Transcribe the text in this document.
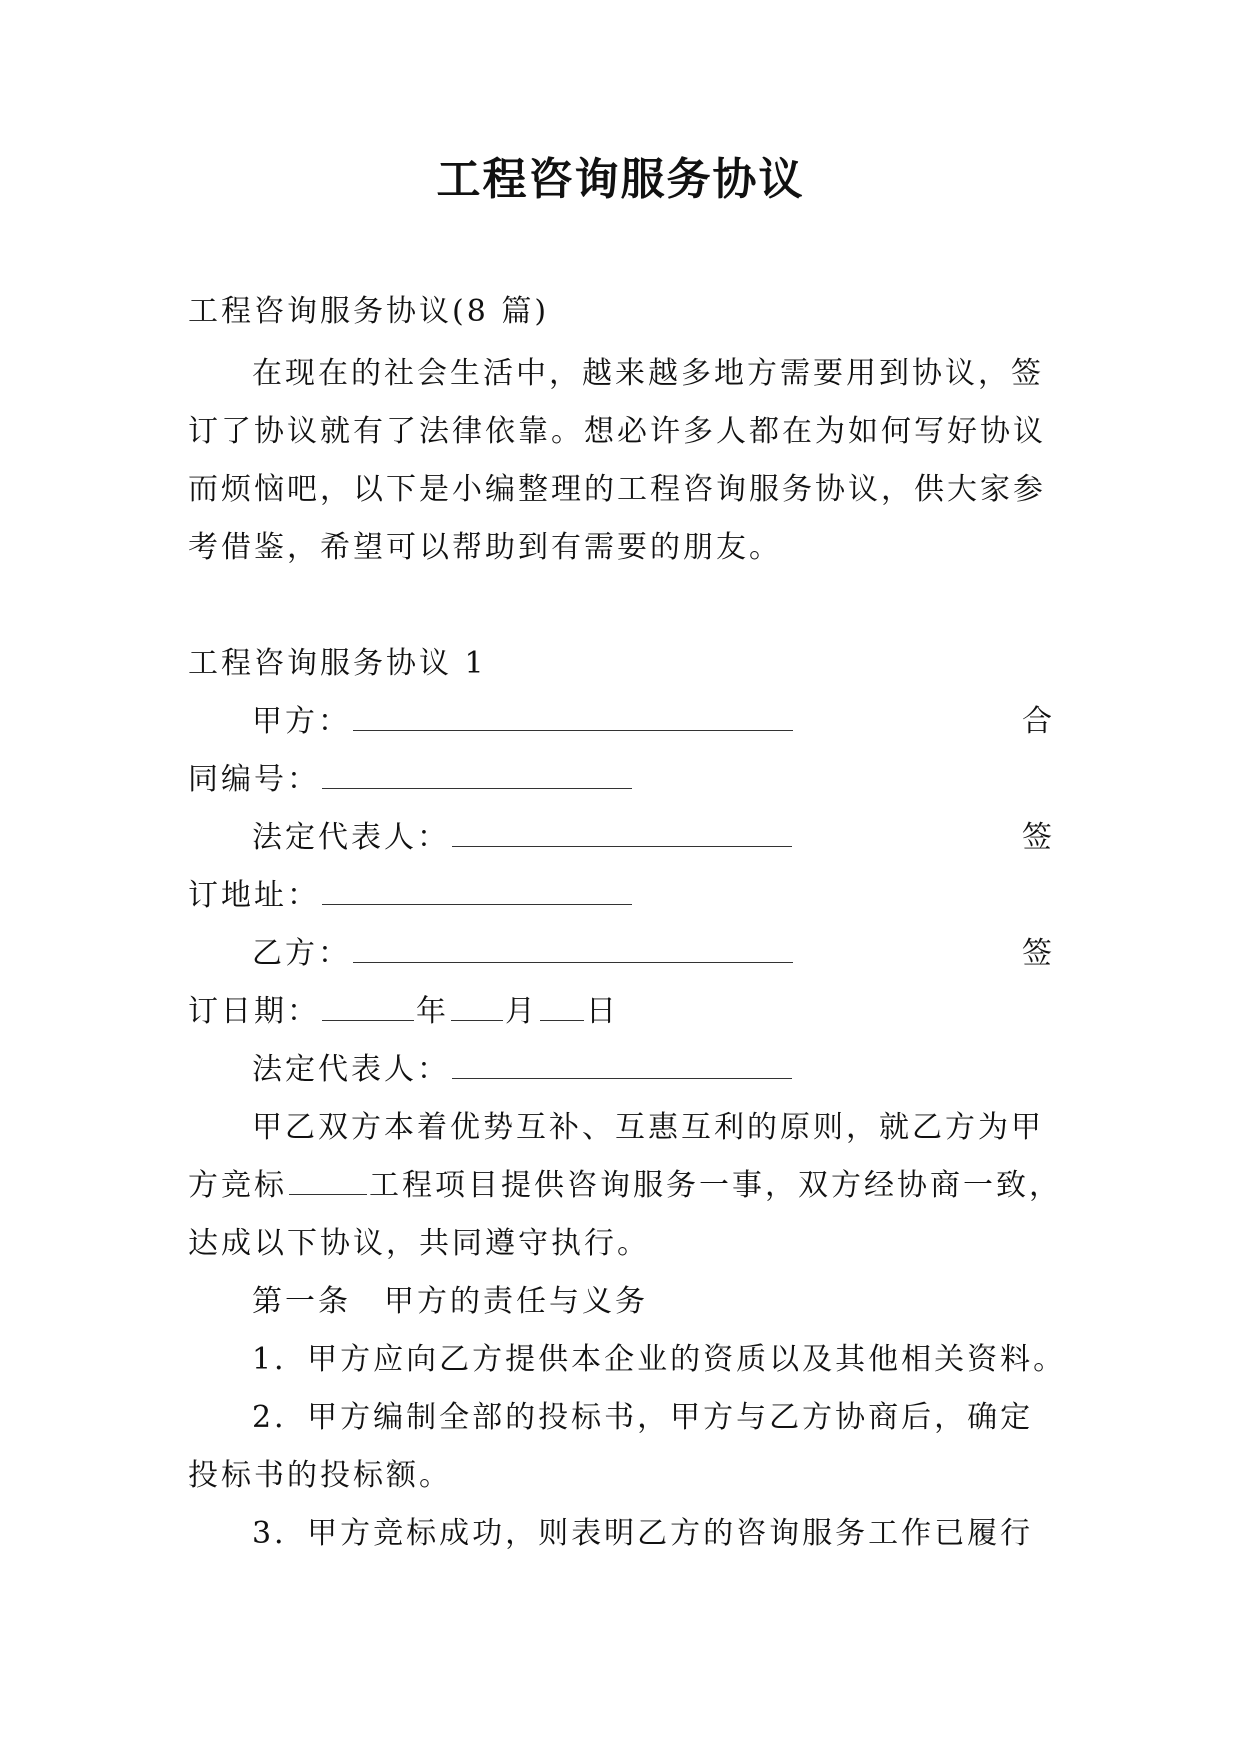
工程咨询服务协议
工程咨询服务协议(8 篇)
在现在的社会生活中，越来越多地方需要用到协议，签
订了协议就有了法律依靠。想必许多人都在为如何写好协议
而烦恼吧，以下是小编整理的工程咨询服务协议，供大家参
考借鉴，希望可以帮助到有需要的朋友。
工程咨询服务协议 1
甲方：	合
同编号：
法定代表人：	签
订地址：
乙方：	签
订日期：	年 月 日
法定代表人：
甲乙双方本着优势互补、互惠互利的原则，就乙方为甲
方竞标	工程项目提供咨询服务一事，双方经协商一致，
达成以下协议，共同遵守执行。
第一条　甲方的责任与义务
1．甲方应向乙方提供本企业的资质以及其他相关资料。
2．甲方编制全部的投标书，甲方与乙方协商后，确定
投标书的投标额。
3．甲方竞标成功，则表明乙方的咨询服务工作已履行
